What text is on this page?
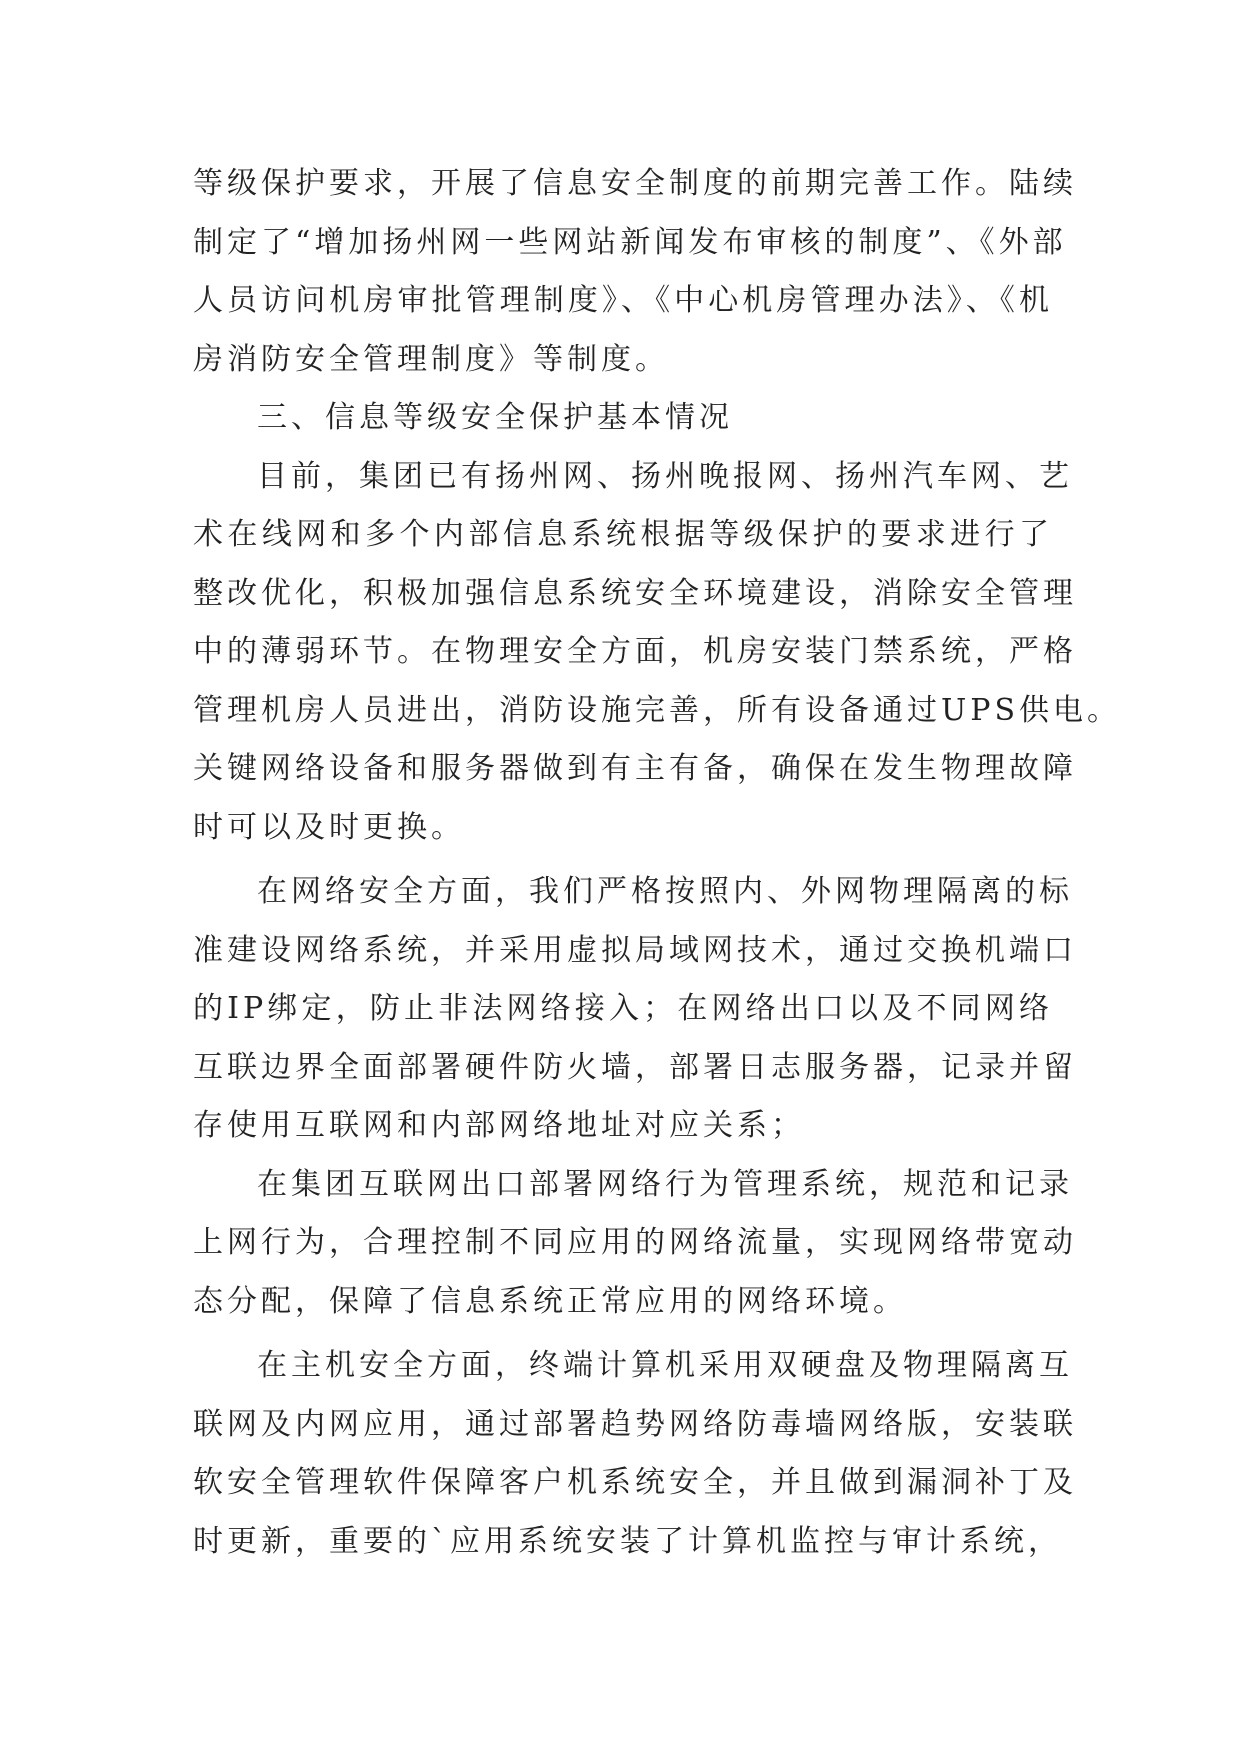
等级保护要求，开展了信息安全制度的前期完善工作。陆续
制定了“增加扬州网一些网站新闻发布审核的制度”、《外部
人员访问机房审批管理制度》、《中心机房管理办法》、《机
房消防安全管理制度》等制度。
三、信息等级安全保护基本情况
目前，集团已有扬州网、扬州晚报网、扬州汽车网、艺
术在线网和多个内部信息系统根据等级保护的要求进行了
整改优化，积极加强信息系统安全环境建设，消除安全管理
中的薄弱环节。在物理安全方面，机房安装门禁系统，严格
管理机房人员进出，消防设施完善，所有设备通过UPS供电。
关键网络设备和服务器做到有主有备，确保在发生物理故障
时可以及时更换。
在网络安全方面，我们严格按照内、外网物理隔离的标
准建设网络系统，并采用虚拟局域网技术，通过交换机端口
的IP绑定，防止非法网络接入；在网络出口以及不同网络
互联边界全面部署硬件防火墙，部署日志服务器，记录并留
存使用互联网和内部网络地址对应关系；
在集团互联网出口部署网络行为管理系统，规范和记录
上网行为，合理控制不同应用的网络流量，实现网络带宽动
态分配，保障了信息系统正常应用的网络环境。
在主机安全方面，终端计算机采用双硬盘及物理隔离互
联网及内网应用，通过部署趋势网络防毒墙网络版，安装联
软安全管理软件保障客户机系统安全，并且做到漏洞补丁及
时更新，重要的`应用系统安装了计算机监控与审计系统，
